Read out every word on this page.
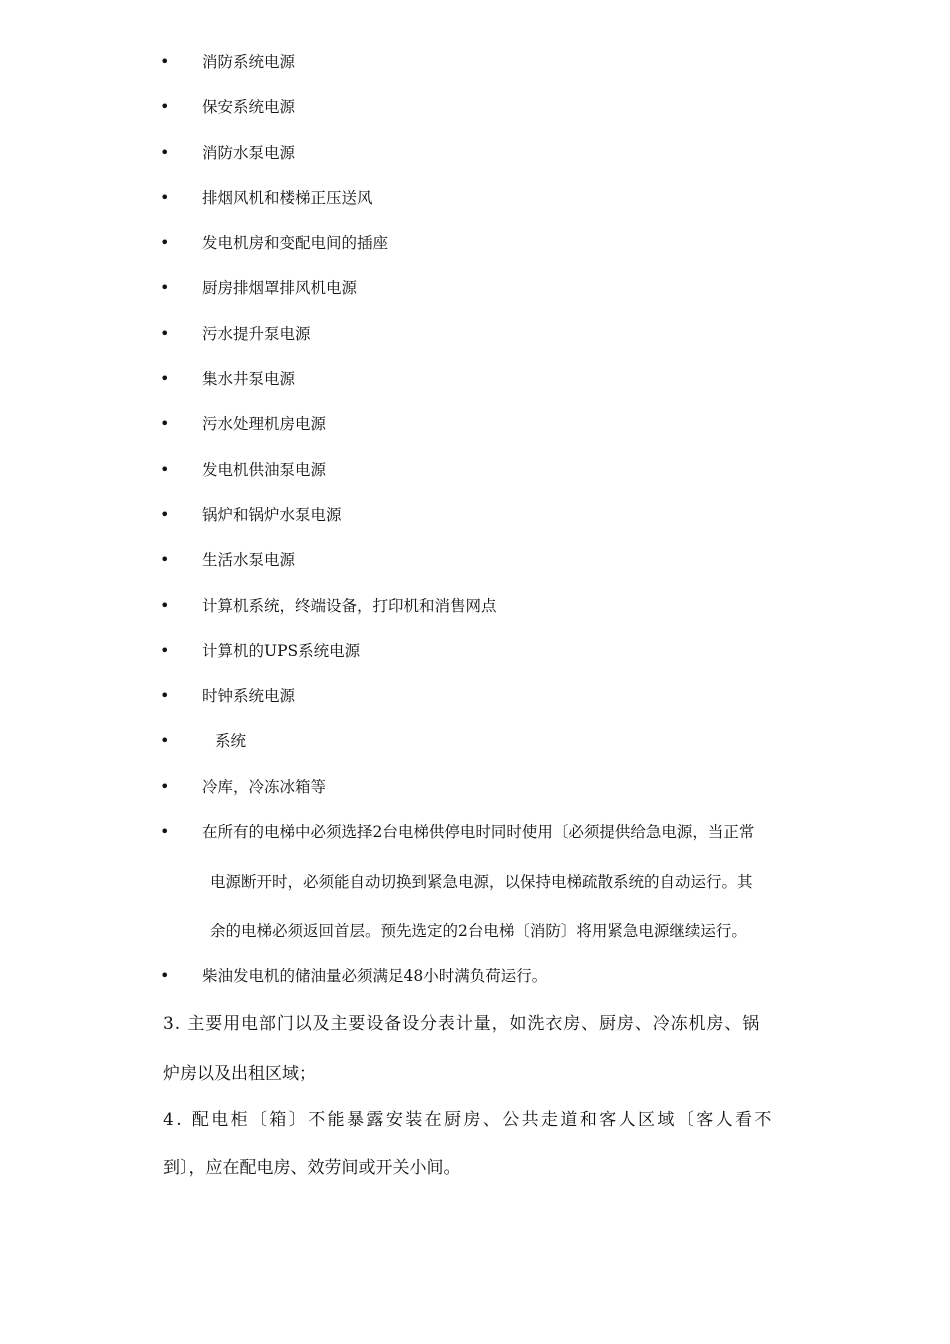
• 消防系统电源
• 保安系统电源
• 消防水泵电源
• 排烟风机和楼梯正压送风
• 发电机房和变配电间的插座
• 厨房排烟罩排风机电源
• 污水提升泵电源
• 集水井泵电源
• 污水处理机房电源
• 发电机供油泵电源
• 锅炉和锅炉水泵电源
• 生活水泵电源
• 计算机系统，终端设备，打印机和消售网点
• 计算机的UPS系统电源
• 时钟系统电源
•	系统
• 冷库，冷冻冰箱等
• 在所有的电梯中必须选择2台电梯供停电时同时使用〔必须提供给急电源，当正常
电源断开时，必须能自动切换到紧急电源，以保持电梯疏散系统的自动运行。其
余的电梯必须返回首层。预先选定的2台电梯〔消防〕将用紧急电源继续运行。
• 柴油发电机的储油量必须满足48小时满负荷运行。
3. 主要用电部门以及主要设备设分表计量，如洗衣房、厨房、冷冻机房、锅
炉房以及出租区域；
4. 配电柜〔箱〕不能暴露安装在厨房、公共走道和客人区域〔客人看不
到〕，应在配电房、效劳间或开关小间。
